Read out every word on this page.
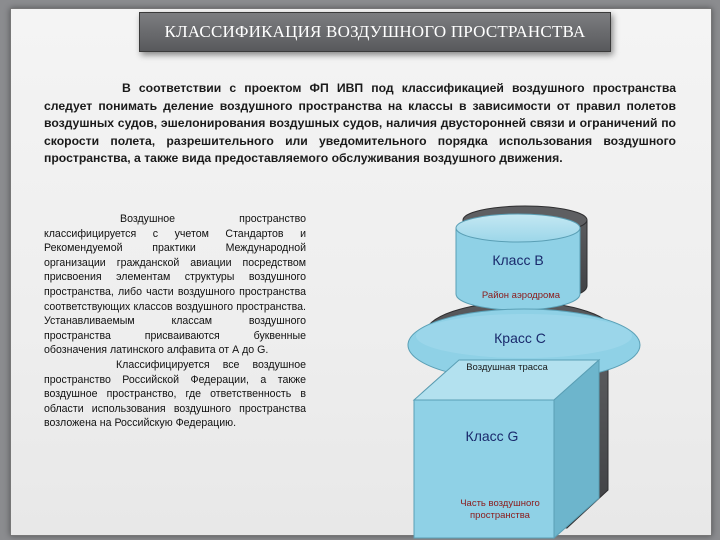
КЛАССИФИКАЦИЯ ВОЗДУШНОГО ПРОСТРАНСТВА
В соответствии с проектом ФП ИВП под классификацией воздушного пространства следует понимать деление воздушного пространства на классы в зависимости от правил полетов воздушных судов, эшелонирования воздушных судов, наличия двусторонней связи и ограничений по скорости полета, разрешительного или уведомительного порядка использования воздушного пространства, а также вида предоставляемого обслуживания воздушного движения.

Воздушное пространство классифицируется с учетом Стандартов и Рекомендуемой практики Международной организации гражданской авиации посредством присвоения элементам структуры воздушного пространства, либо части воздушного пространства соответствующих классов воздушного пространства. Устанавливаемым классам воздушного пространства присваиваются буквенные обозначения латинского алфавита от А до G.

Классифицируется все воздушное пространство Российской Федерации, а также воздушное пространство, где ответственность в области использования воздушного пространства возложена на Российскую Федерацию.

Класс B
Район аэродрома
Красс С
Воздушная трасса
Класс G
Часть воздушного пространства
